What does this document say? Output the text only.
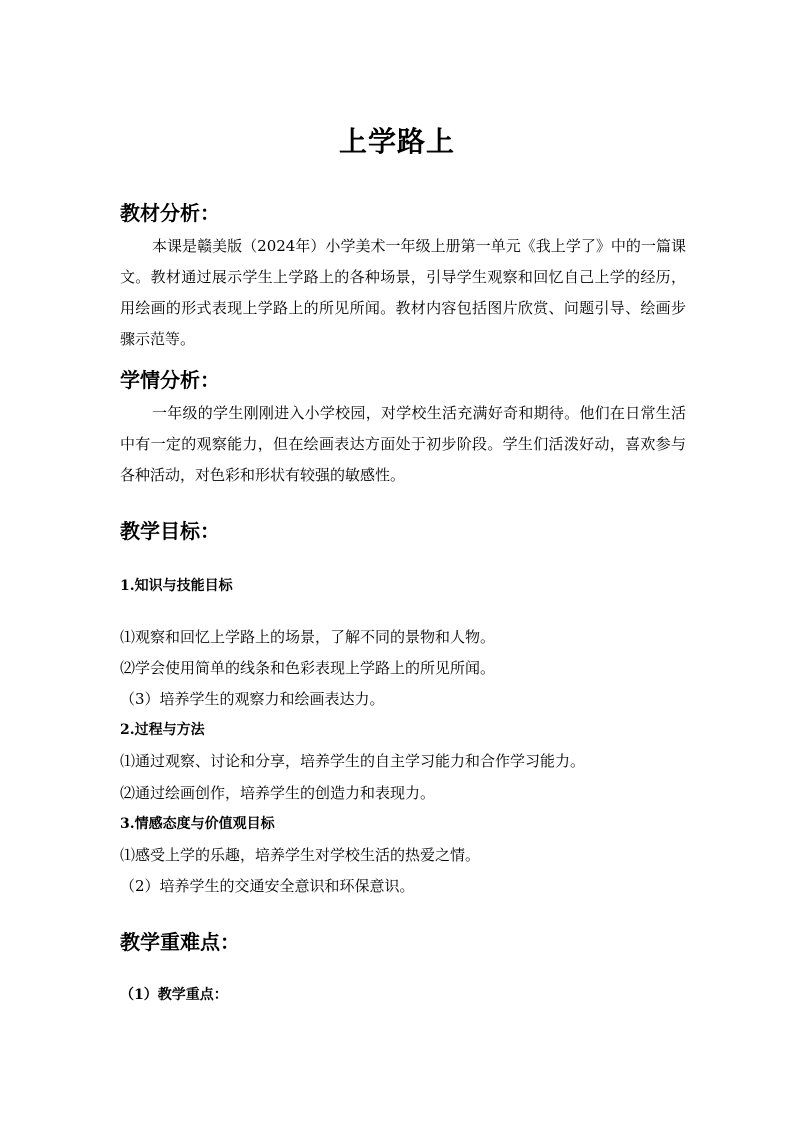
上学路上
教材分析：
本课是赣美版（2024年）小学美术一年级上册第一单元《我上学了》中的一篇课文。教材通过展示学生上学路上的各种场景，引导学生观察和回忆自己上学的经历，用绘画的形式表现上学路上的所见所闻。教材内容包括图片欣赏、问题引导、绘画步骤示范等。
学情分析：
一年级的学生刚刚进入小学校园，对学校生活充满好奇和期待。他们在日常生活中有一定的观察能力，但在绘画表达方面处于初步阶段。学生们活泼好动，喜欢参与各种活动，对色彩和形状有较强的敏感性。
教学目标：
1.知识与技能目标
⑴观察和回忆上学路上的场景，了解不同的景物和人物。
⑵学会使用简单的线条和色彩表现上学路上的所见所闻。
（3）培养学生的观察力和绘画表达力。
2.过程与方法
⑴通过观察、讨论和分享，培养学生的自主学习能力和合作学习能力。
⑵通过绘画创作，培养学生的创造力和表现力。
3.情感态度与价值观目标
⑴感受上学的乐趣，培养学生对学校生活的热爱之情。
（2）培养学生的交通安全意识和环保意识。
教学重难点：
（1）教学重点：
